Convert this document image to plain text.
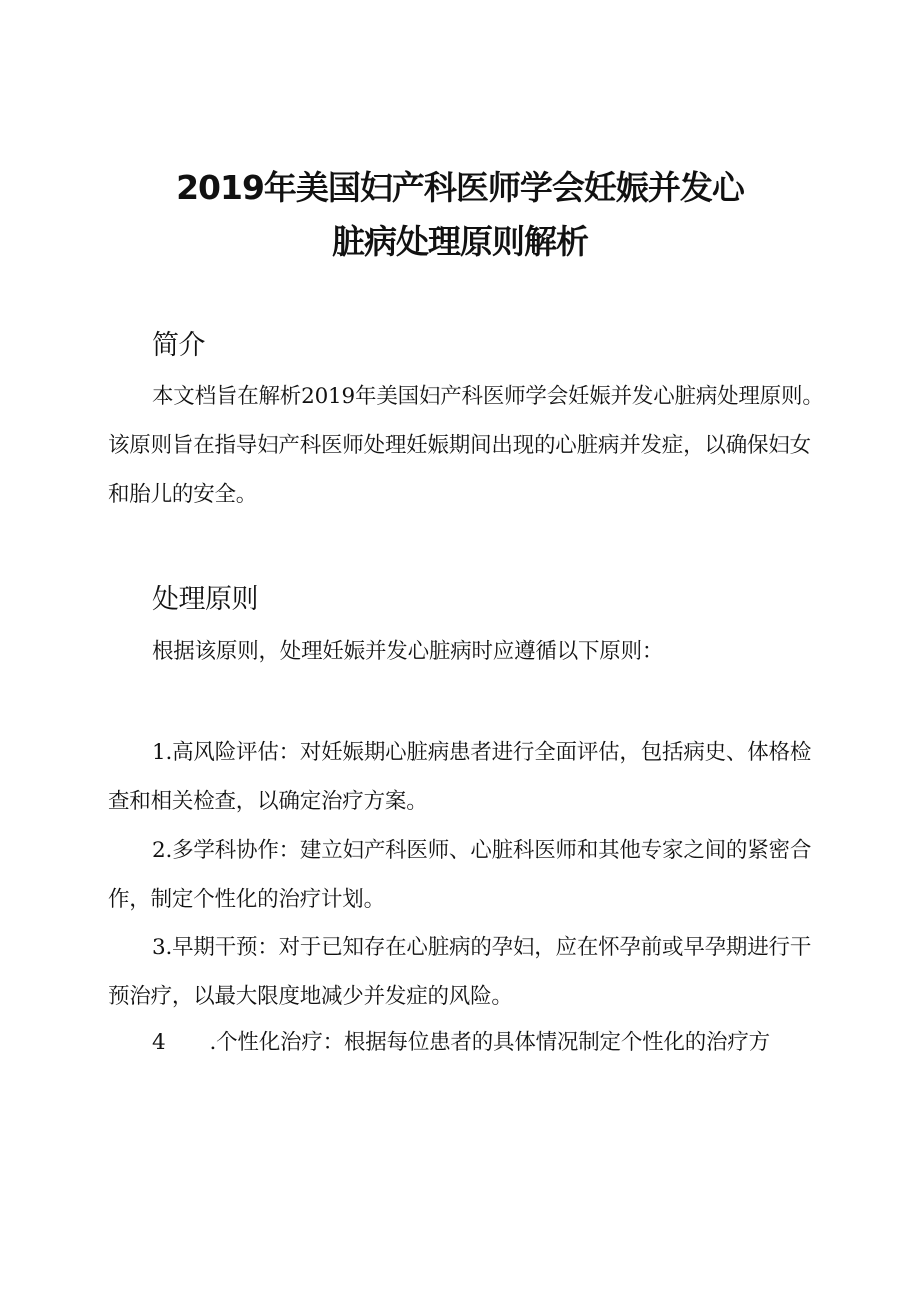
2019年美国妇产科医师学会妊娠并发心
脏病处理原则解析
简介

本文档旨在解析2019年美国妇产科医师学会妊娠并发心脏病处理原则。该原则旨在指导妇产科医师处理妊娠期间出现的心脏病并发症，以确保妇女和胎儿的安全。

处理原则

根据该原则，处理妊娠并发心脏病时应遵循以下原则：

1.高风险评估：对妊娠期心脏病患者进行全面评估，包括病史、体格检查和相关检查，以确定治疗方案。

2.多学科协作：建立妇产科医师、心脏科医师和其他专家之间的紧密合作，制定个性化的治疗计划。

3.早期干预：对于已知存在心脏病的孕妇，应在怀孕前或早孕期进行干预治疗，以最大限度地减少并发症的风险。

4 .个性化治疗：根据每位患者的具体情况制定个性化的治疗方
